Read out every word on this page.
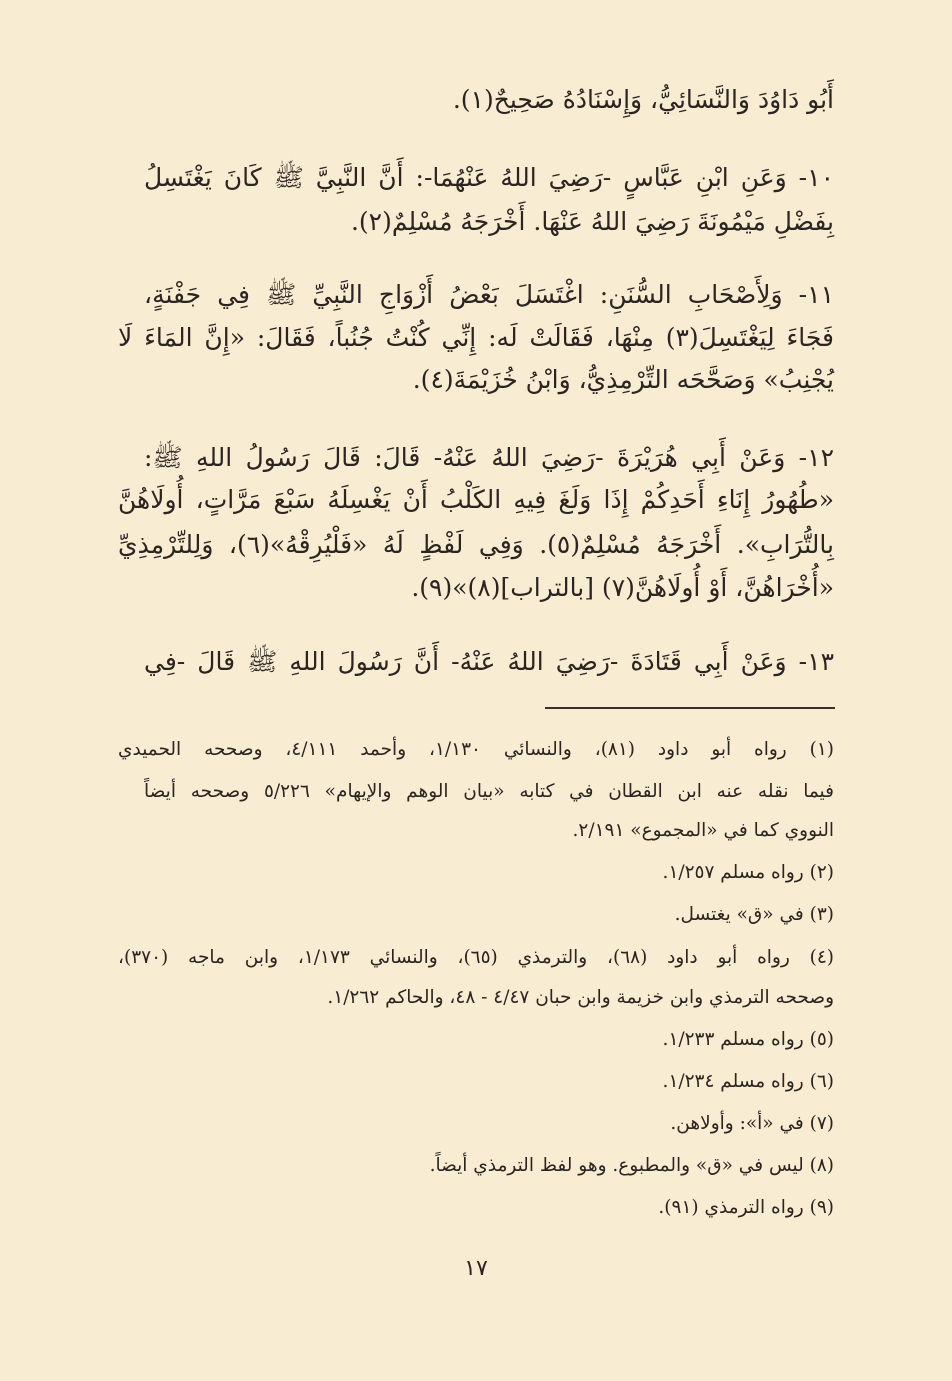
أَبُو دَاوُدَ وَالنَّسَائِيُّ، وَإِسْنَادُهُ صَحِيحٌ(١).
١٠- وَعَنِ ابْنِ عَبَّاسٍ -رَضِيَ اللهُ عَنْهُمَا-: أَنَّ النَّبِيَّ ﷺ كَانَ يَغْتَسِلُ
بِفَضْلِ مَيْمُونَةَ رَضِيَ اللهُ عَنْهَا. أَخْرَجَهُ مُسْلِمٌ(٢).
١١- وَلِأَصْحَابِ السُّنَنِ: اغْتَسَلَ بَعْضُ أَزْوَاجِ النَّبِيِّ ﷺ فِي جَفْنَةٍ،
فَجَاءَ لِيَغْتَسِلَ(٣) مِنْهَا، فَقَالَتْ لَه: إِنِّي كُنْتُ جُنُباً، فَقَالَ: «إِنَّ المَاءَ لَا
يُجْنِبُ» وَصَحَّحَه التِّرْمِذِيُّ، وَابْنُ خُزَيْمَةَ(٤).
١٢- وَعَنْ أَبِي هُرَيْرَةَ -رَضِيَ اللهُ عَنْهُ- قَالَ: قَالَ رَسُولُ اللهِ ﷺ:
«طُهُورُ إِنَاءِ أَحَدِكُمْ إِذَا وَلَغَ فِيهِ الكَلْبُ أَنْ يَغْسِلَهُ سَبْعَ مَرَّاتٍ، أُولَاهُنَّ
بِالتُّرَابِ». أَخْرَجَهُ مُسْلِمٌ(٥). وَفِي لَفْظٍ لَهُ «فَلْيُرِقْهُ»(٦)، وَلِلتِّرْمِذِيِّ
«أُخْرَاهُنَّ، أَوْ أُولَاهُنَّ(٧) [بالتراب](٨)»(٩).
١٣- وَعَنْ أَبِي قَتَادَةَ -رَضِيَ اللهُ عَنْهُ- أَنَّ رَسُولَ اللهِ ﷺ قَالَ -فِي
(١) رواه أبو داود (٨١)، والنسائي ١/١٣٠، وأحمد ٤/١١١، وصححه الحميدي
فيما نقله عنه ابن القطان في كتابه «بيان الوهم والإيهام» ٥/٢٢٦ وصححه أيضاً
النووي كما في «المجموع» ٢/١٩١.
(٢) رواه مسلم ١/٢٥٧.
(٣) في «ق» يغتسل.
(٤) رواه أبو داود (٦٨)، والترمذي (٦٥)، والنسائي ١/١٧٣، وابن ماجه (٣٧٠)،
وصححه الترمذي وابن خزيمة وابن حبان ٤/٤٧ - ٤٨، والحاكم ١/٢٦٢.
(٥) رواه مسلم ١/٢٣٣.
(٦) رواه مسلم ١/٢٣٤.
(٧) في «أ»: وأولاهن.
(٨) ليس في «ق» والمطبوع. وهو لفظ الترمذي أيضاً.
(٩) رواه الترمذي (٩١).
١٧
